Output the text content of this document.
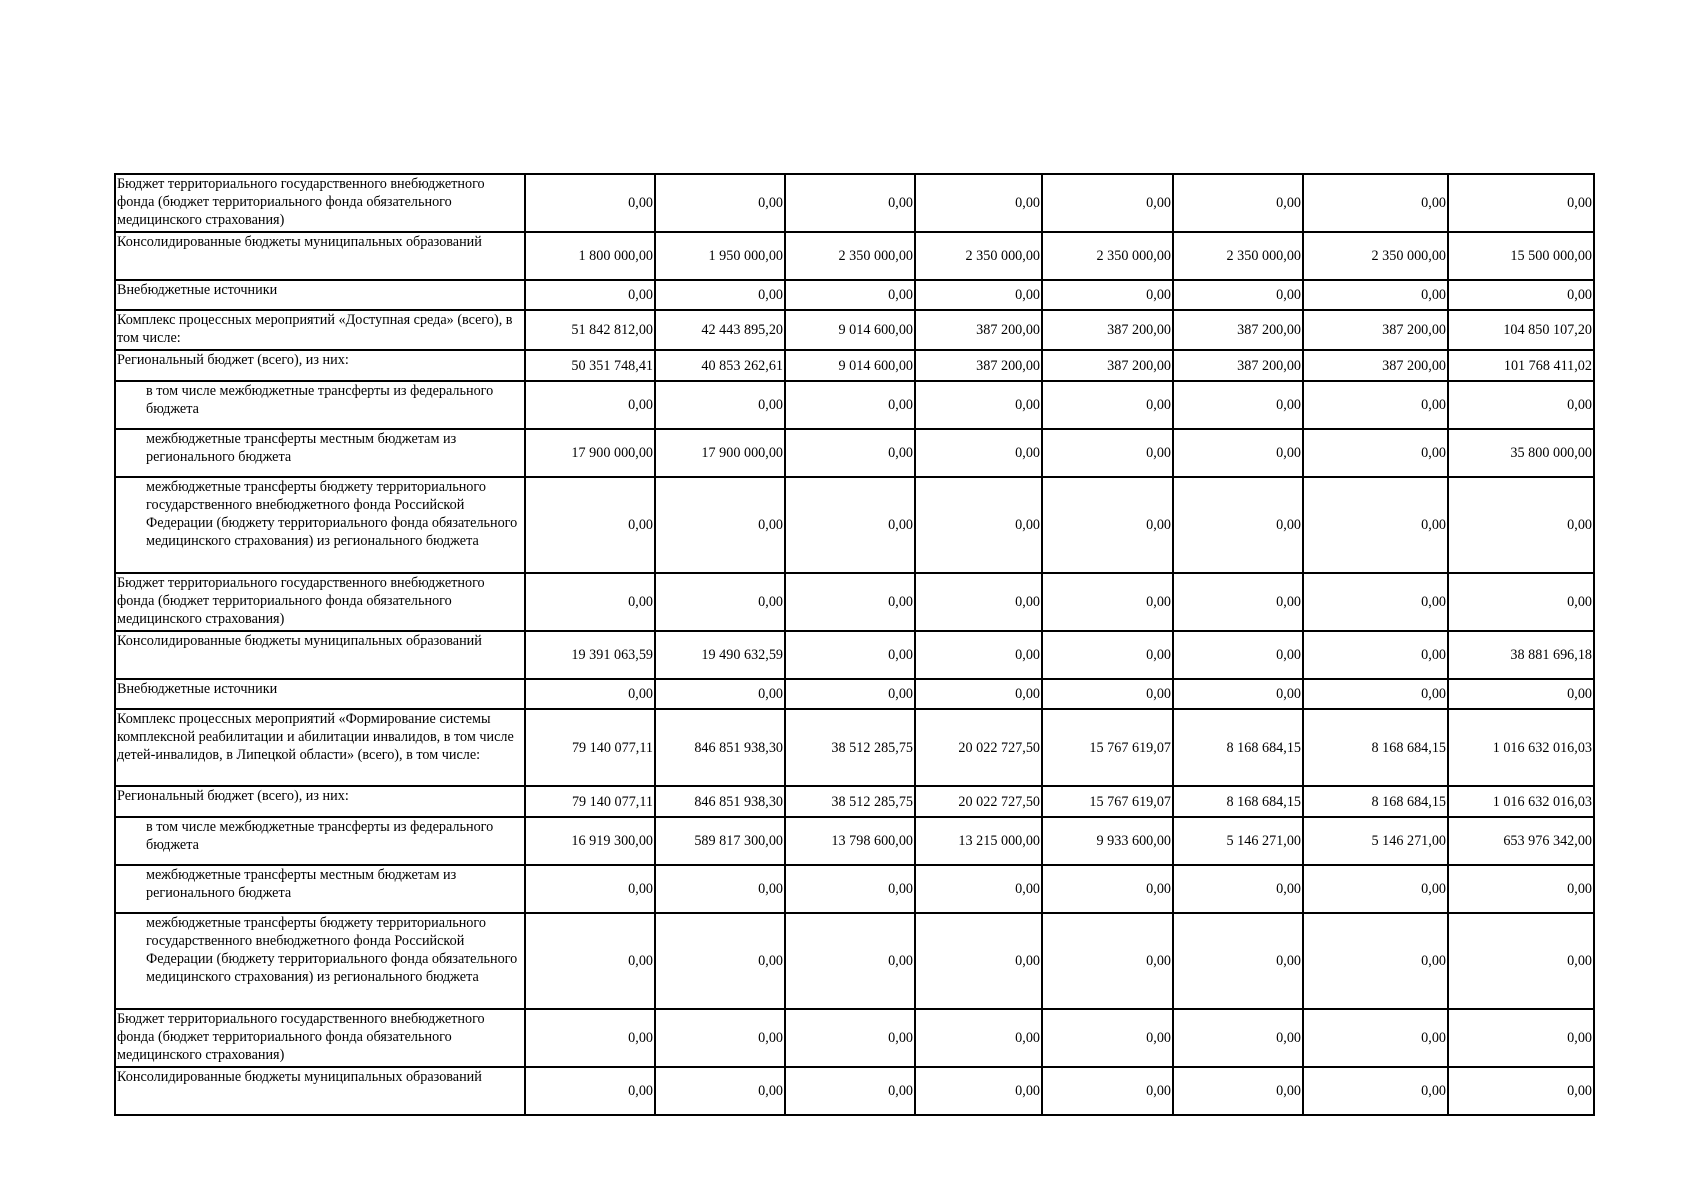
Бюджет территориального государственного внебюджетного фонда (бюджет территориального фонда обязательного медицинского страхования)	0,00	0,00	0,00	0,00	0,00	0,00	0,00	0,00
Консолидированные бюджеты муниципальных образований	1 800 000,00	1 950 000,00	2 350 000,00	2 350 000,00	2 350 000,00	2 350 000,00	2 350 000,00	15 500 000,00
Внебюджетные источники	0,00	0,00	0,00	0,00	0,00	0,00	0,00	0,00
Комплекс процессных мероприятий «Доступная среда» (всего), в том числе:	51 842 812,00	42 443 895,20	9 014 600,00	387 200,00	387 200,00	387 200,00	387 200,00	104 850 107,20
Региональный бюджет (всего), из них:	50 351 748,41	40 853 262,61	9 014 600,00	387 200,00	387 200,00	387 200,00	387 200,00	101 768 411,02
в том числе межбюджетные трансферты из федерального бюджета	0,00	0,00	0,00	0,00	0,00	0,00	0,00	0,00
межбюджетные трансферты местным бюджетам из регионального бюджета	17 900 000,00	17 900 000,00	0,00	0,00	0,00	0,00	0,00	35 800 000,00
межбюджетные трансферты бюджету территориального государственного внебюджетного фонда Российской Федерации (бюджету территориального фонда обязательного медицинского страхования) из регионального бюджета	0,00	0,00	0,00	0,00	0,00	0,00	0,00	0,00
Бюджет территориального государственного внебюджетного фонда (бюджет территориального фонда обязательного медицинского страхования)	0,00	0,00	0,00	0,00	0,00	0,00	0,00	0,00
Консолидированные бюджеты муниципальных образований	19 391 063,59	19 490 632,59	0,00	0,00	0,00	0,00	0,00	38 881 696,18
Внебюджетные источники	0,00	0,00	0,00	0,00	0,00	0,00	0,00	0,00
Комплекс процессных мероприятий «Формирование системы комплексной реабилитации и абилитации инвалидов, в том числе детей-инвалидов, в Липецкой области» (всего), в том числе:	79 140 077,11	846 851 938,30	38 512 285,75	20 022 727,50	15 767 619,07	8 168 684,15	8 168 684,15	1 016 632 016,03
Региональный бюджет (всего), из них:	79 140 077,11	846 851 938,30	38 512 285,75	20 022 727,50	15 767 619,07	8 168 684,15	8 168 684,15	1 016 632 016,03
в том числе межбюджетные трансферты из федерального бюджета	16 919 300,00	589 817 300,00	13 798 600,00	13 215 000,00	9 933 600,00	5 146 271,00	5 146 271,00	653 976 342,00
межбюджетные трансферты местным бюджетам из регионального бюджета	0,00	0,00	0,00	0,00	0,00	0,00	0,00	0,00
межбюджетные трансферты бюджету территориального государственного внебюджетного фонда Российской Федерации (бюджету территориального фонда обязательного медицинского страхования) из регионального бюджета	0,00	0,00	0,00	0,00	0,00	0,00	0,00	0,00
Бюджет территориального государственного внебюджетного фонда (бюджет территориального фонда обязательного медицинского страхования)	0,00	0,00	0,00	0,00	0,00	0,00	0,00	0,00
Консолидированные бюджеты муниципальных образований	0,00	0,00	0,00	0,00	0,00	0,00	0,00	0,00
